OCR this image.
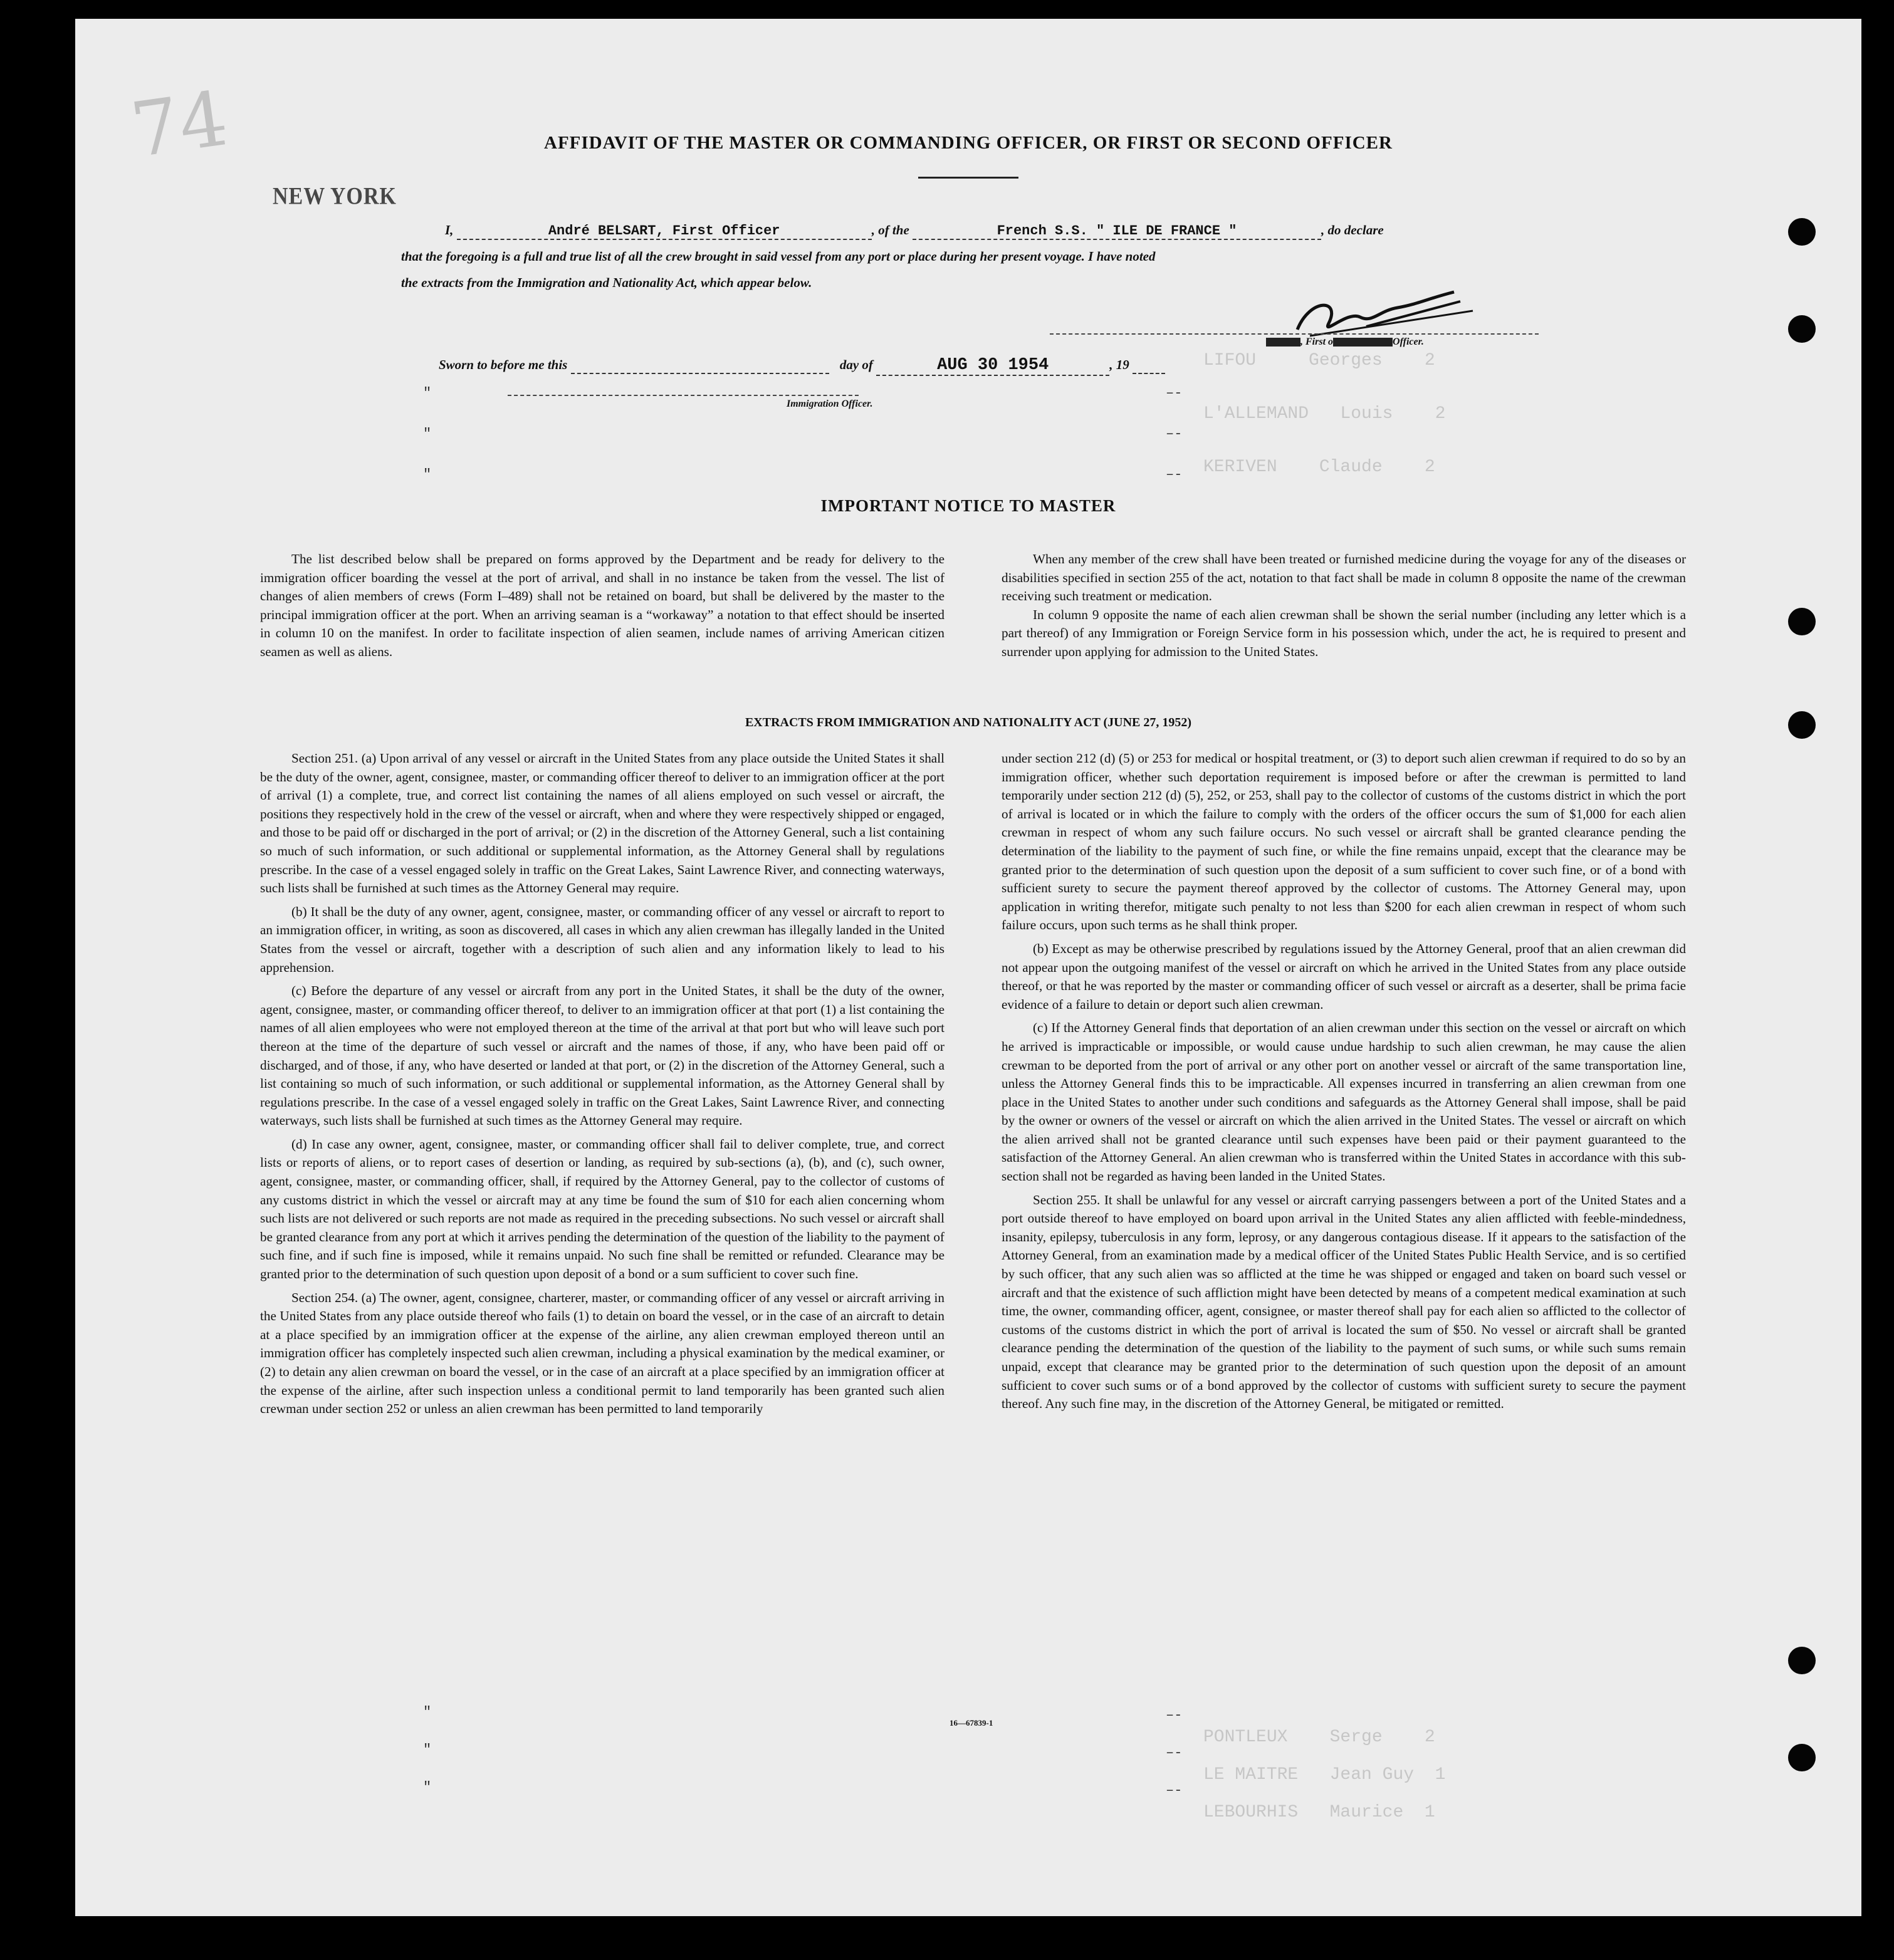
LIFOU     Georges    2
L'ALLEMAND   Louis    2
KERIVEN    Claude    2
PONTLEUX    Serge    2
LE MAITRE   Jean Guy  1
LEBOURHIS   Maurice  1
74	AFFIDAVIT OF THE MASTER OR COMMANDING OFFICER, OR FIRST OR SECOND OFFICER
NEW YORK
I,	André BELSART, First Officer	, of the	French S.S. " ILE DE FRANCE "	, do declare
that the foregoing is a full and true list of all the crew brought in said vessel from any port or place during her present voyage. I have noted
the extracts from the Immigration and Nationality Act, which appear below.
, First o	Officer.
Sworn to before me this	day of	AUG 30 1954	, 19
Immigration Officer.
"
"
"
–-
–-
–-
IMPORTANT NOTICE TO MASTER

The list described below shall be prepared on forms approved by the Department and be ready for delivery to the immigration officer boarding the vessel at the port of arrival, and shall in no instance be taken from the vessel. The list of changes of alien members of crews (Form I–489) shall not be retained on board, but shall be delivered by the master to the principal immigration officer at the port. When an arriving seaman is a “workaway” a notation to that effect should be inserted in column 10 on the manifest. In order to facilitate inspection of alien seamen, include names of arriving American citizen seamen as well as aliens.

When any member of the crew shall have been treated or furnished medicine during the voyage for any of the diseases or disabilities specified in section 255 of the act, notation to that fact shall be made in column 8 opposite the name of the crewman receiving such treatment or medication.

In column 9 opposite the name of each alien crewman shall be shown the serial number (including any letter which is a part thereof) of any Immigration or Foreign Service form in his possession which, under the act, he is required to present and surrender upon applying for admission to the United States.

EXTRACTS FROM IMMIGRATION AND NATIONALITY ACT (JUNE 27, 1952)

Section 251. (a) Upon arrival of any vessel or aircraft in the United States from any place outside the United States it shall be the duty of the owner, agent, consignee, master, or commanding officer thereof to deliver to an immigration officer at the port of arrival (1) a complete, true, and correct list containing the names of all aliens employed on such vessel or aircraft, the positions they respectively hold in the crew of the vessel or aircraft, when and where they were respectively shipped or engaged, and those to be paid off or discharged in the port of arrival; or (2) in the discretion of the Attorney General, such a list containing so much of such information, or such additional or supplemental information, as the Attorney General shall by regulations prescribe. In the case of a vessel engaged solely in traffic on the Great Lakes, Saint Lawrence River, and connecting waterways, such lists shall be furnished at such times as the Attorney General may require.

(b) It shall be the duty of any owner, agent, consignee, master, or commanding officer of any vessel or aircraft to report to an immigration officer, in writing, as soon as discovered, all cases in which any alien crewman has illegally landed in the United States from the vessel or aircraft, together with a description of such alien and any information likely to lead to his apprehension.

(c) Before the departure of any vessel or aircraft from any port in the United States, it shall be the duty of the owner, agent, consignee, master, or commanding officer thereof, to deliver to an immigration officer at that port (1) a list containing the names of all alien employees who were not employed thereon at the time of the arrival at that port but who will leave such port thereon at the time of the departure of such vessel or aircraft and the names of those, if any, who have been paid off or discharged, and of those, if any, who have deserted or landed at that port, or (2) in the discretion of the Attorney General, such a list containing so much of such information, or such additional or supplemental information, as the Attorney General shall by regulations prescribe. In the case of a vessel engaged solely in traffic on the Great Lakes, Saint Lawrence River, and connecting waterways, such lists shall be furnished at such times as the Attorney General may require.

(d) In case any owner, agent, consignee, master, or commanding officer shall fail to deliver complete, true, and correct lists or reports of aliens, or to report cases of desertion or landing, as required by sub-sections (a), (b), and (c), such owner, agent, consignee, master, or commanding officer, shall, if required by the Attorney General, pay to the collector of customs of any customs district in which the vessel or aircraft may at any time be found the sum of $10 for each alien concerning whom such lists are not delivered or such reports are not made as required in the preceding subsections. No such vessel or aircraft shall be granted clearance from any port at which it arrives pending the determination of the question of the liability to the payment of such fine, and if such fine is imposed, while it remains unpaid. No such fine shall be remitted or refunded. Clearance may be granted prior to the determination of such question upon deposit of a bond or a sum sufficient to cover such fine.

Section 254. (a) The owner, agent, consignee, charterer, master, or commanding officer of any vessel or aircraft arriving in the United States from any place outside thereof who fails (1) to detain on board the vessel, or in the case of an aircraft to detain at a place specified by an immigration officer at the expense of the airline, any alien crewman employed thereon until an immigration officer has completely inspected such alien crewman, including a physical examination by the medical examiner, or (2) to detain any alien crewman on board the vessel, or in the case of an aircraft at a place specified by an immigration officer at the expense of the airline, after such inspection unless a conditional permit to land temporarily has been granted such alien crewman under section 252 or unless an alien crewman has been permitted to land temporarily

under section 212 (d) (5) or 253 for medical or hospital treatment, or (3) to deport such alien crewman if required to do so by an immigration officer, whether such deportation requirement is imposed before or after the crewman is permitted to land temporarily under section 212 (d) (5), 252, or 253, shall pay to the collector of customs of the customs district in which the port of arrival is located or in which the failure to comply with the orders of the officer occurs the sum of $1,000 for each alien crewman in respect of whom any such failure occurs. No such vessel or aircraft shall be granted clearance pending the determination of the liability to the payment of such fine, or while the fine remains unpaid, except that the clearance may be granted prior to the determination of such question upon the deposit of a sum sufficient to cover such fine, or of a bond with sufficient surety to secure the payment thereof approved by the collector of customs. The Attorney General may, upon application in writing therefor, mitigate such penalty to not less than $200 for each alien crewman in respect of whom such failure occurs, upon such terms as he shall think proper.

(b) Except as may be otherwise prescribed by regulations issued by the Attorney General, proof that an alien crewman did not appear upon the outgoing manifest of the vessel or aircraft on which he arrived in the United States from any place outside thereof, or that he was reported by the master or commanding officer of such vessel or aircraft as a deserter, shall be prima facie evidence of a failure to detain or deport such alien crewman.

(c) If the Attorney General finds that deportation of an alien crewman under this section on the vessel or aircraft on which he arrived is impracticable or impossible, or would cause undue hardship to such alien crewman, he may cause the alien crewman to be deported from the port of arrival or any other port on another vessel or aircraft of the same transportation line, unless the Attorney General finds this to be impracticable. All expenses incurred in transferring an alien crewman from one place in the United States to another under such conditions and safeguards as the Attorney General shall impose, shall be paid by the owner or owners of the vessel or aircraft on which the alien arrived in the United States. The vessel or aircraft on which the alien arrived shall not be granted clearance until such expenses have been paid or their payment guaranteed to the satisfaction of the Attorney General. An alien crewman who is transferred within the United States in accordance with this sub-section shall not be regarded as having been landed in the United States.

Section 255. It shall be unlawful for any vessel or aircraft carrying passengers between a port of the United States and a port outside thereof to have employed on board upon arrival in the United States any alien afflicted with feeble-mindedness, insanity, epilepsy, tuberculosis in any form, leprosy, or any dangerous contagious disease. If it appears to the satisfaction of the Attorney General, from an examination made by a medical officer of the United States Public Health Service, and is so certified by such officer, that any such alien was so afflicted at the time he was shipped or engaged and taken on board such vessel or aircraft and that the existence of such affliction might have been detected by means of a competent medical examination at such time, the owner, commanding officer, agent, consignee, or master thereof shall pay for each alien so afflicted to the collector of customs of the customs district in which the port of arrival is located the sum of $50. No vessel or aircraft shall be granted clearance pending the determination of the question of the liability to the payment of such sums, or while such sums remain unpaid, except that clearance may be granted prior to the determination of such question upon the deposit of an amount sufficient to cover such sums or of a bond approved by the collector of customs with sufficient surety to secure the payment thereof. Any such fine may, in the discretion of the Attorney General, be mitigated or remitted.

16—67839-1
"
"
"
–-
–-
–-
